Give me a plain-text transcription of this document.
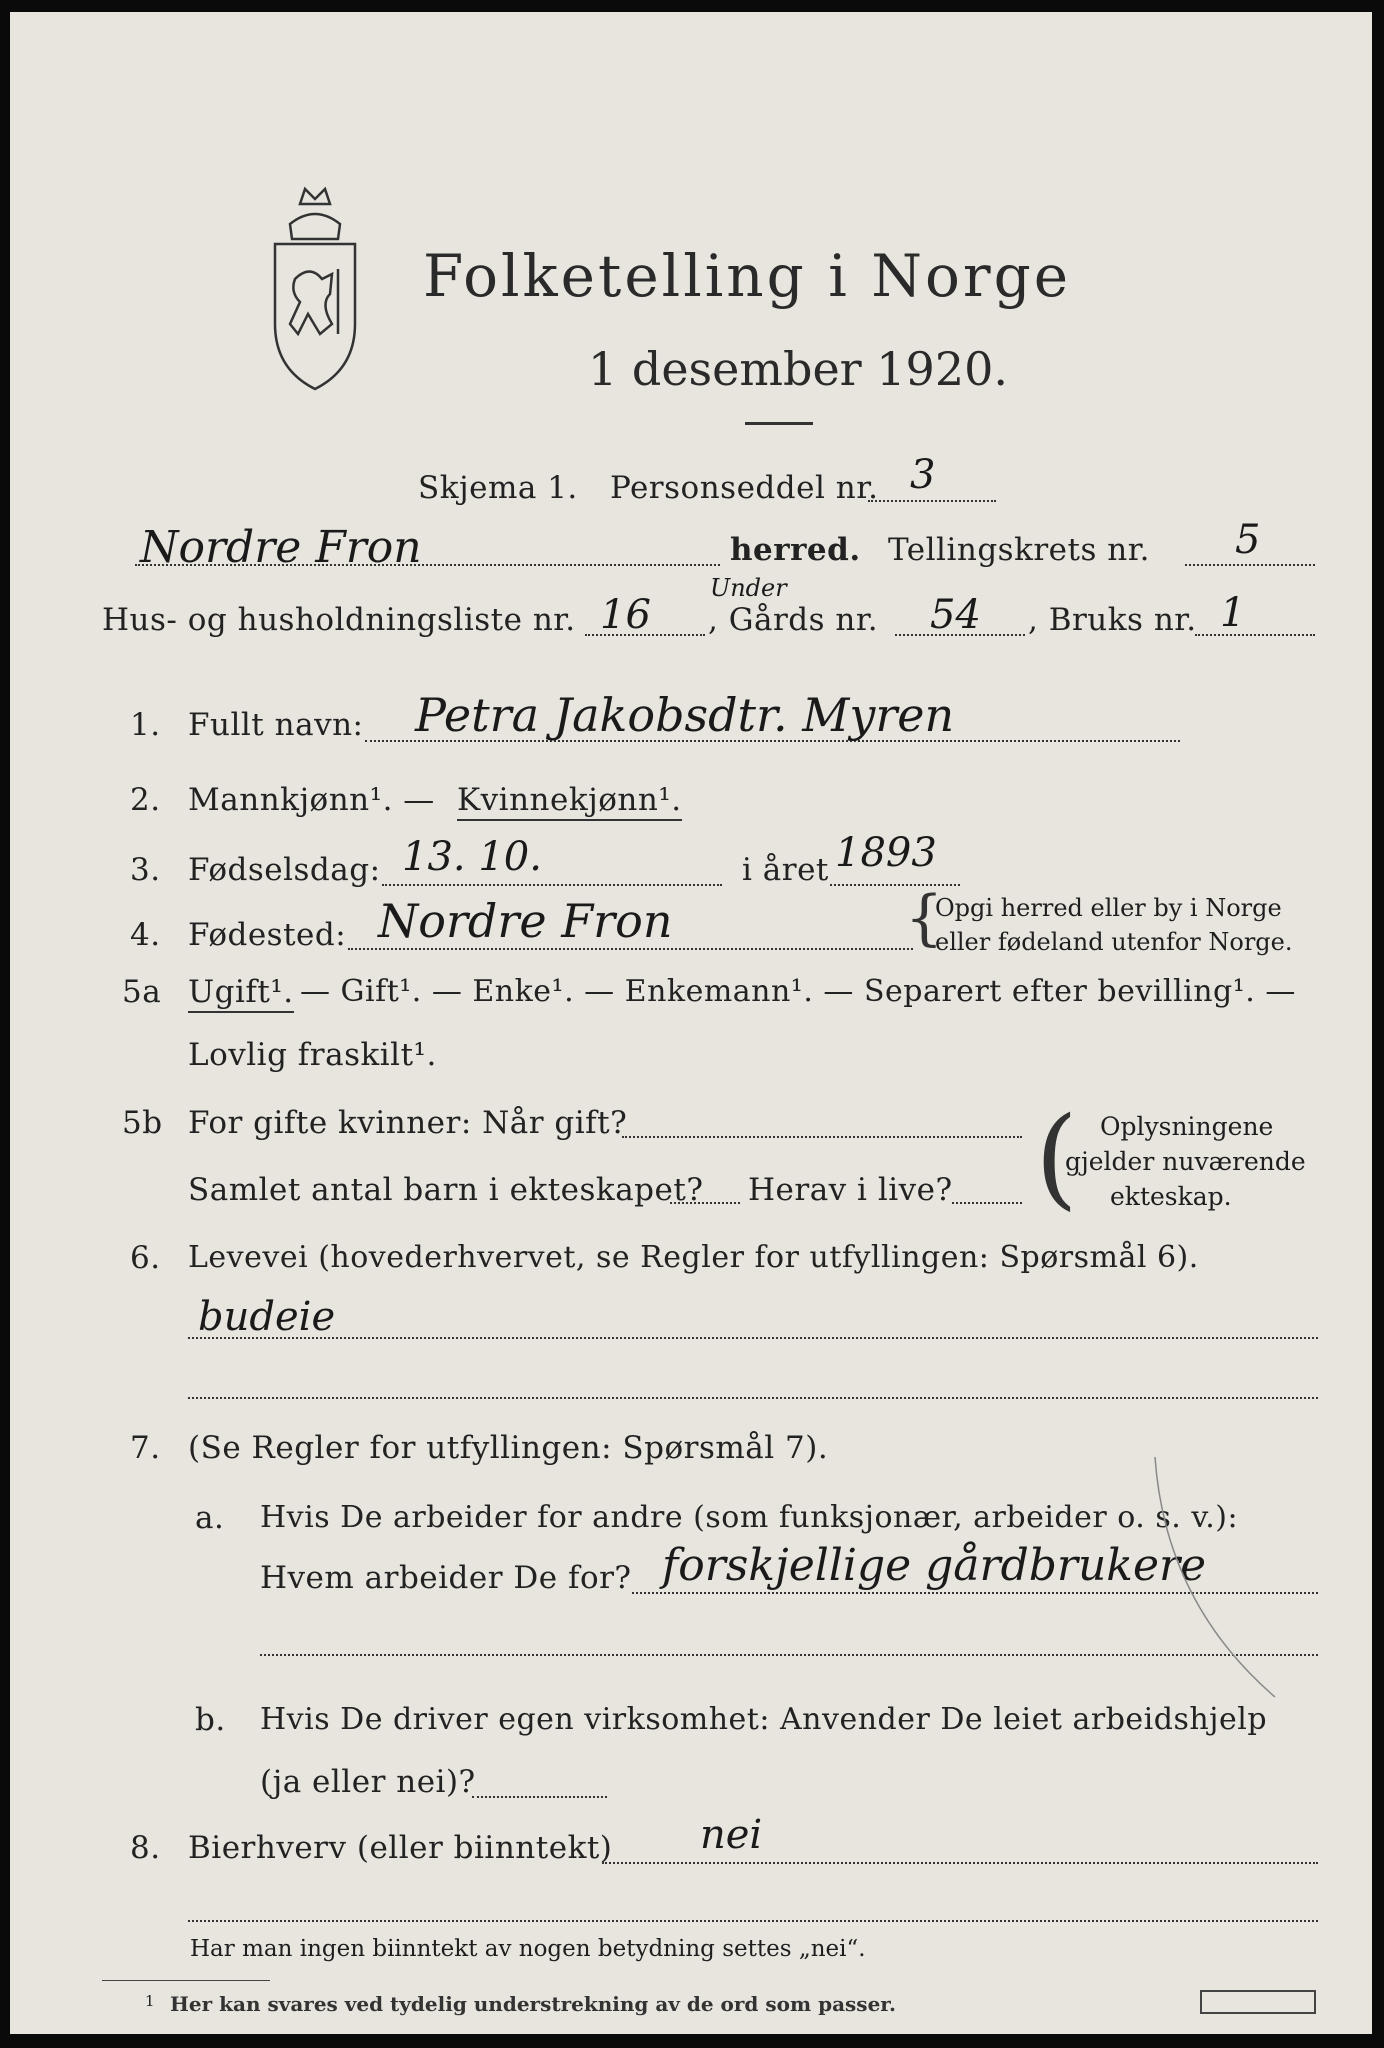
Folketelling i Norge
1 desember 1920.
Skjema 1. Personseddel nr. 3
Nordre Fron	herred. Tellingskrets nr. 5
Hus- og husholdningsliste nr. 16
Under
, Gårds nr. 54 , Bruks nr. 1
1. Fullt navn: Petra Jakobsdtr. Myren
2. Mannkjønn¹. — Kvinnekjønn¹.
3. Fødselsdag: 13. 10.	i året 1893
4. Fødested: Nordre Fron	{
Opgi herred eller by i Norge
eller fødeland utenfor Norge.
5a Ugift¹. — Gift¹. — Enke¹. — Enkemann¹. — Separert efter bevilling¹. —
Lovlig fraskilt¹.
5b For gifte kvinner: Når gift?
Samlet antal barn i ekteskapet? Herav i live? ( Oplysningene
gjelder nuværende
ekteskap.
6. Levevei (hovederhvervet, se Regler for utfyllingen: Spørsmål 6).
budeie
7. (Se Regler for utfyllingen: Spørsmål 7).
a. Hvis De arbeider for andre (som funksjonær, arbeider o. s. v.):
Hvem arbeider De for? forskjellige gårdbrukere
b. Hvis De driver egen virksomhet: Anvender De leiet arbeidshjelp
(ja eller nei)?
8. Bierhverv (eller biinntekt) nei
Har man ingen biinntekt av nogen betydning settes „nei“.
1 Her kan svares ved tydelig understrekning av de ord som passer.
